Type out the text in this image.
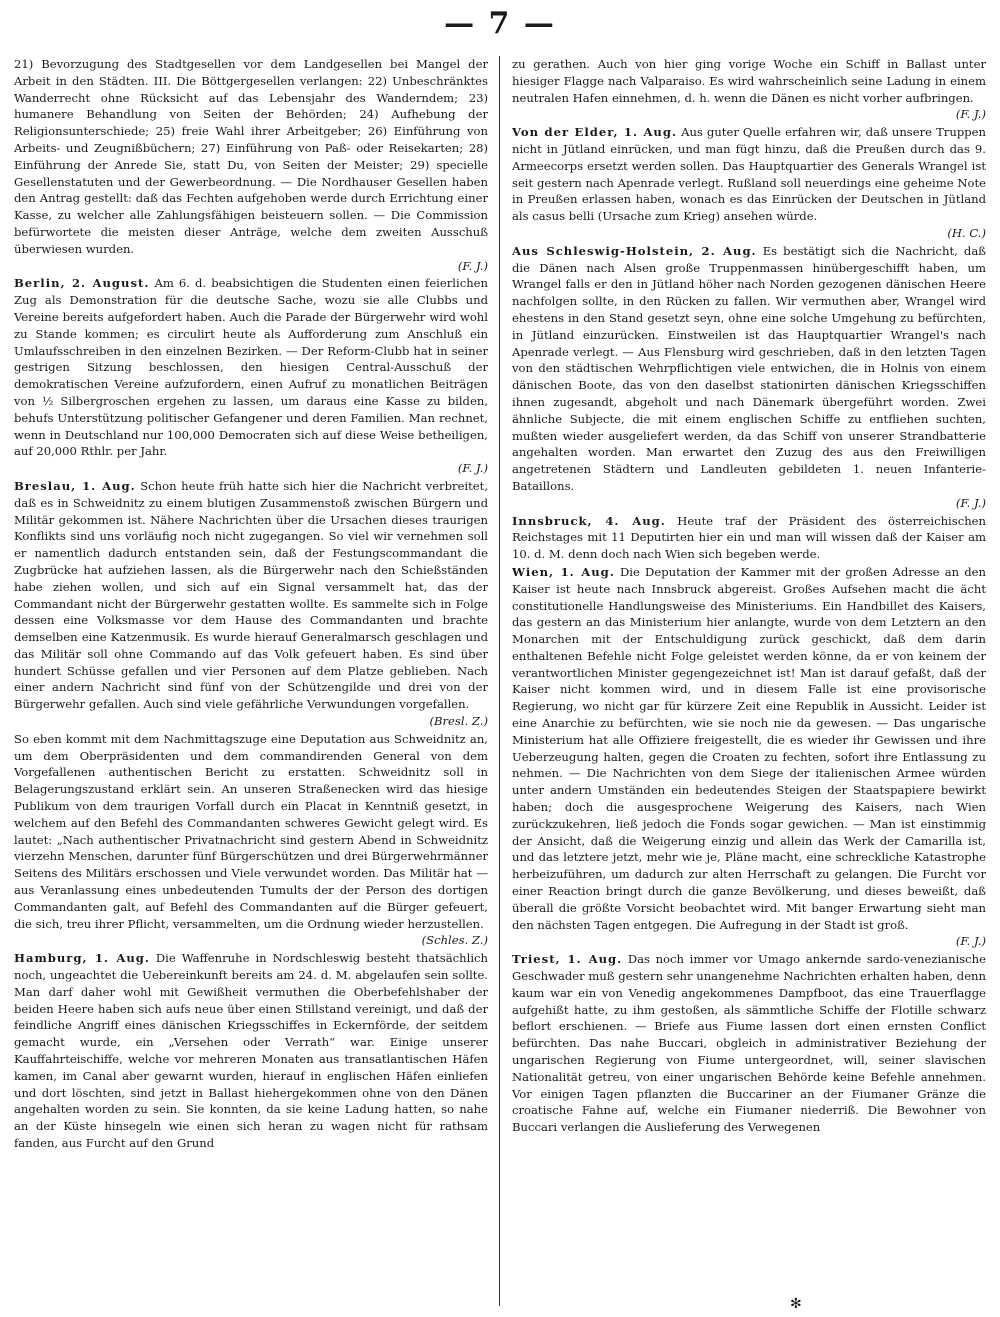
— 7 —

21) Bevorzugung des Stadtgesellen vor dem Landgesellen bei Mangel der Arbeit in den Städten. III. Die Böttgergesellen verlangen: 22) Unbeschränktes Wanderrecht ohne Rücksicht auf das Lebensjahr des Wanderndem; 23) humanere Behandlung von Seiten der Behörden; 24) Aufhebung der Religionsunterschiede; 25) freie Wahl ihrer Arbeitgeber; 26) Einführung von Arbeits- und Zeugnißbüchern; 27) Einführung von Paß- oder Reisekarten; 28) Einführung der Anrede Sie, statt Du, von Seiten der Meister; 29) specielle Gesellenstatuten und der Gewerbeordnung. — Die Nordhauser Gesellen haben den Antrag gestellt: daß das Fechten aufgehoben werde durch Errichtung einer Kasse, zu welcher alle Zahlungsfähigen beisteuern sollen. — Die Commission befürwortete die meisten dieser Anträge, welche dem zweiten Ausschuß überwiesen wurden.
(F. J.)

Berlin, 2. August. Am 6. d. beabsichtigen die Studenten einen feierlichen Zug als Demonstration für die deutsche Sache, wozu sie alle Clubbs und Vereine bereits aufgefordert haben. Auch die Parade der Bürgerwehr wird wohl zu Stande kommen; es circulirt heute als Aufforderung zum Anschluß ein Umlaufsschreiben in den einzelnen Bezirken. — Der Reform-Clubb hat in seiner gestrigen Sitzung beschlossen, den hiesigen Central-Ausschuß der demokratischen Vereine aufzufordern, einen Aufruf zu monatlichen Beiträgen von ½ Silbergroschen ergehen zu lassen, um daraus eine Kasse zu bilden, behufs Unterstützung politischer Gefangener und deren Familien. Man rechnet, wenn in Deutschland nur 100,000 Democraten sich auf diese Weise betheiligen, auf 20,000 Rthlr. per Jahr.
(F. J.)

Breslau, 1. Aug. Schon heute früh hatte sich hier die Nachricht verbreitet, daß es in Schweidnitz zu einem blutigen Zusammenstoß zwischen Bürgern und Militär gekommen ist. Nähere Nachrichten über die Ursachen dieses traurigen Konflikts sind uns vorläufig noch nicht zugegangen. So viel wir vernehmen soll er namentlich dadurch entstanden sein, daß der Festungscommandant die Zugbrücke hat aufziehen lassen, als die Bürgerwehr nach den Schießständen habe ziehen wollen, und sich auf ein Signal versammelt hat, das der Commandant nicht der Bürgerwehr gestatten wollte. Es sammelte sich in Folge dessen eine Volksmasse vor dem Hause des Commandanten und brachte demselben eine Katzenmusik. Es wurde hierauf Generalmarsch geschlagen und das Militär soll ohne Commando auf das Volk gefeuert haben. Es sind über hundert Schüsse gefallen und vier Personen auf dem Platze geblieben. Nach einer andern Nachricht sind fünf von der Schützengilde und drei von der Bürgerwehr gefallen. Auch sind viele gefährliche Verwundungen vorgefallen.
(Bresl. Z.)

So eben kommt mit dem Nachmittagszuge eine Deputation aus Schweidnitz an, um dem Oberpräsidenten und dem commandirenden General von dem Vorgefallenen authentischen Bericht zu erstatten. Schweidnitz soll in Belagerungszustand erklärt sein. An unseren Straßenecken wird das hiesige Publikum von dem traurigen Vorfall durch ein Placat in Kenntniß gesetzt, in welchem auf den Befehl des Commandanten schweres Gewicht gelegt wird. Es lautet: „Nach authentischer Privatnachricht sind gestern Abend in Schweidnitz vierzehn Menschen, darunter fünf Bürgerschützen und drei Bürgerwehrmänner Seitens des Militärs erschossen und Viele verwundet worden. Das Militär hat — aus Veranlassung eines unbedeutenden Tumults der der Person des dortigen Commandanten galt, auf Befehl des Commandanten auf die Bürger gefeuert, die sich, treu ihrer Pflicht, versammelten, um die Ordnung wieder herzustellen.
(Schles. Z.)

Hamburg, 1. Aug. Die Waffenruhe in Nordschleswig besteht thatsächlich noch, ungeachtet die Uebereinkunft bereits am 24. d. M. abgelaufen sein sollte. Man darf daher wohl mit Gewißheit vermuthen die Oberbefehlshaber der beiden Heere haben sich aufs neue über einen Stillstand vereinigt, und daß der feindliche Angriff eines dänischen Kriegsschiffes in Eckernförde, der seitdem gemacht wurde, ein „Versehen oder Verrath“ war. Einige unserer Kauffahrteischiffe, welche vor mehreren Monaten aus transatlantischen Häfen kamen, im Canal aber gewarnt wurden, hierauf in englischen Häfen einliefen und dort löschten, sind jetzt in Ballast hiehergekommen ohne von den Dänen angehalten worden zu sein. Sie konnten, da sie keine Ladung hatten, so nahe an der Küste hinsegeln wie einen sich heran zu wagen nicht für rathsam fanden, aus Furcht auf den Grund

zu gerathen. Auch von hier ging vorige Woche ein Schiff in Ballast unter hiesiger Flagge nach Valparaiso. Es wird wahrscheinlich seine Ladung in einem neutralen Hafen einnehmen, d. h. wenn die Dänen es nicht vorher aufbringen.
(F. J.)

Von der Elder, 1. Aug. Aus guter Quelle erfahren wir, daß unsere Truppen nicht in Jütland einrücken, und man fügt hinzu, daß die Preußen durch das 9. Armeecorps ersetzt werden sollen. Das Hauptquartier des Generals Wrangel ist seit gestern nach Apenrade verlegt. Rußland soll neuerdings eine geheime Note in Preußen erlassen haben, wonach es das Einrücken der Deutschen in Jütland als casus belli (Ursache zum Krieg) ansehen würde.
(H. C.)

Aus Schleswig-Holstein, 2. Aug. Es bestätigt sich die Nachricht, daß die Dänen nach Alsen große Truppenmassen hinübergeschifft haben, um Wrangel falls er den in Jütland höher nach Norden gezogenen dänischen Heere nachfolgen sollte, in den Rücken zu fallen. Wir vermuthen aber, Wrangel wird ehestens in den Stand gesetzt seyn, ohne eine solche Umgehung zu befürchten, in Jütland einzurücken. Einstweilen ist das Hauptquartier Wrangel's nach Apenrade verlegt. — Aus Flensburg wird geschrieben, daß in den letzten Tagen von den städtischen Wehrpflichtigen viele entwichen, die in Holnis von einem dänischen Boote, das von den daselbst stationirten dänischen Kriegsschiffen ihnen zugesandt, abgeholt und nach Dänemark übergeführt worden. Zwei ähnliche Subjecte, die mit einem englischen Schiffe zu entfliehen suchten, mußten wieder ausgeliefert werden, da das Schiff von unserer Strandbatterie angehalten worden. Man erwartet den Zuzug des aus den Freiwilligen angetretenen Städtern und Landleuten gebildeten 1. neuen Infanterie-Bataillons.
(F. J.)

Innsbruck, 4. Aug. Heute traf der Präsident des österreichischen Reichstages mit 11 Deputirten hier ein und man will wissen daß der Kaiser am 10. d. M. denn doch nach Wien sich begeben werde.

Wien, 1. Aug. Die Deputation der Kammer mit der großen Adresse an den Kaiser ist heute nach Innsbruck abgereist. Großes Aufsehen macht die ächt constitutionelle Handlungsweise des Ministeriums. Ein Handbillet des Kaisers, das gestern an das Ministerium hier anlangte, wurde von dem Letztern an den Monarchen mit der Entschuldigung zurück geschickt, daß dem darin enthaltenen Befehle nicht Folge geleistet werden könne, da er von keinem der verantwortlichen Minister gegengezeichnet ist! Man ist darauf gefaßt, daß der Kaiser nicht kommen wird, und in diesem Falle ist eine provisorische Regierung, wo nicht gar für kürzere Zeit eine Republik in Aussicht. Leider ist eine Anarchie zu befürchten, wie sie noch nie da gewesen. — Das ungarische Ministerium hat alle Offiziere freigestellt, die es wieder ihr Gewissen und ihre Ueberzeugung halten, gegen die Croaten zu fechten, sofort ihre Entlassung zu nehmen. — Die Nachrichten von dem Siege der italienischen Armee würden unter andern Umständen ein bedeutendes Steigen der Staatspapiere bewirkt haben; doch die ausgesprochene Weigerung des Kaisers, nach Wien zurückzukehren, ließ jedoch die Fonds sogar gewichen. — Man ist einstimmig der Ansicht, daß die Weigerung einzig und allein das Werk der Camarilla ist, und das letztere jetzt, mehr wie je, Pläne macht, eine schreckliche Katastrophe herbeizuführen, um dadurch zur alten Herrschaft zu gelangen. Die Furcht vor einer Reaction bringt durch die ganze Bevölkerung, und dieses beweißt, daß überall die größte Vorsicht beobachtet wird. Mit banger Erwartung sieht man den nächsten Tagen entgegen. Die Aufregung in der Stadt ist groß.
(F. J.)

Triest, 1. Aug. Das noch immer vor Umago ankernde sardo-venezianische Geschwader muß gestern sehr unangenehme Nachrichten erhalten haben, denn kaum war ein von Venedig angekommenes Dampfboot, das eine Trauerflagge aufgehißt hatte, zu ihm gestoßen, als sämmtliche Schiffe der Flotille schwarz beflort erschienen. — Briefe aus Fiume lassen dort einen ernsten Conflict befürchten. Das nahe Buccari, obgleich in administrativer Beziehung der ungarischen Regierung von Fiume untergeordnet, will, seiner slavischen Nationalität getreu, von einer ungarischen Behörde keine Befehle annehmen. Vor einigen Tagen pflanzten die Buccariner an der Fiumaner Gränze die croatische Fahne auf, welche ein Fiumaner niederriß. Die Bewohner von Buccari verlangen die Auslieferung des Verwegenen

✻
